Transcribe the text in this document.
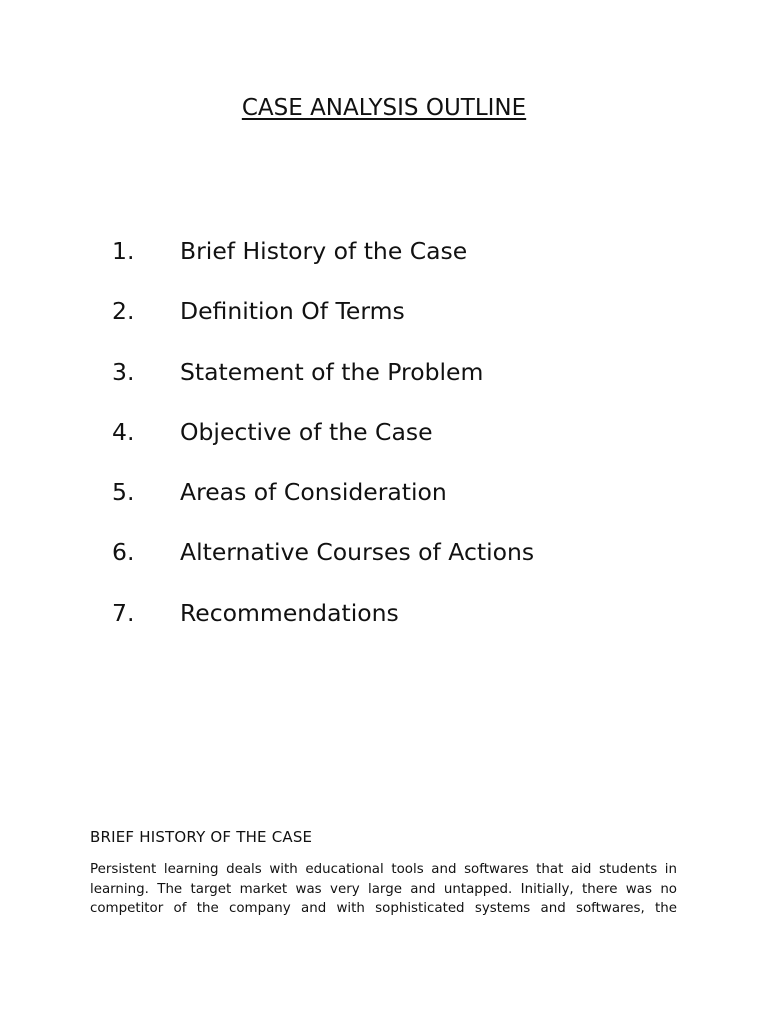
CASE ANALYSIS OUTLINE
1.	Brief History of the Case
2.	Definition Of Terms
3.	Statement of the Problem
4.	Objective of the Case
5.	Areas of Consideration
6.	Alternative Courses of Actions
7.	Recommendations
BRIEF HISTORY OF THE CASE

Persistent learning deals with educational tools and softwares that aid students in learning. The target market was very large and untapped. Initially, there was no competitor of the company and with sophisticated systems and softwares, the
